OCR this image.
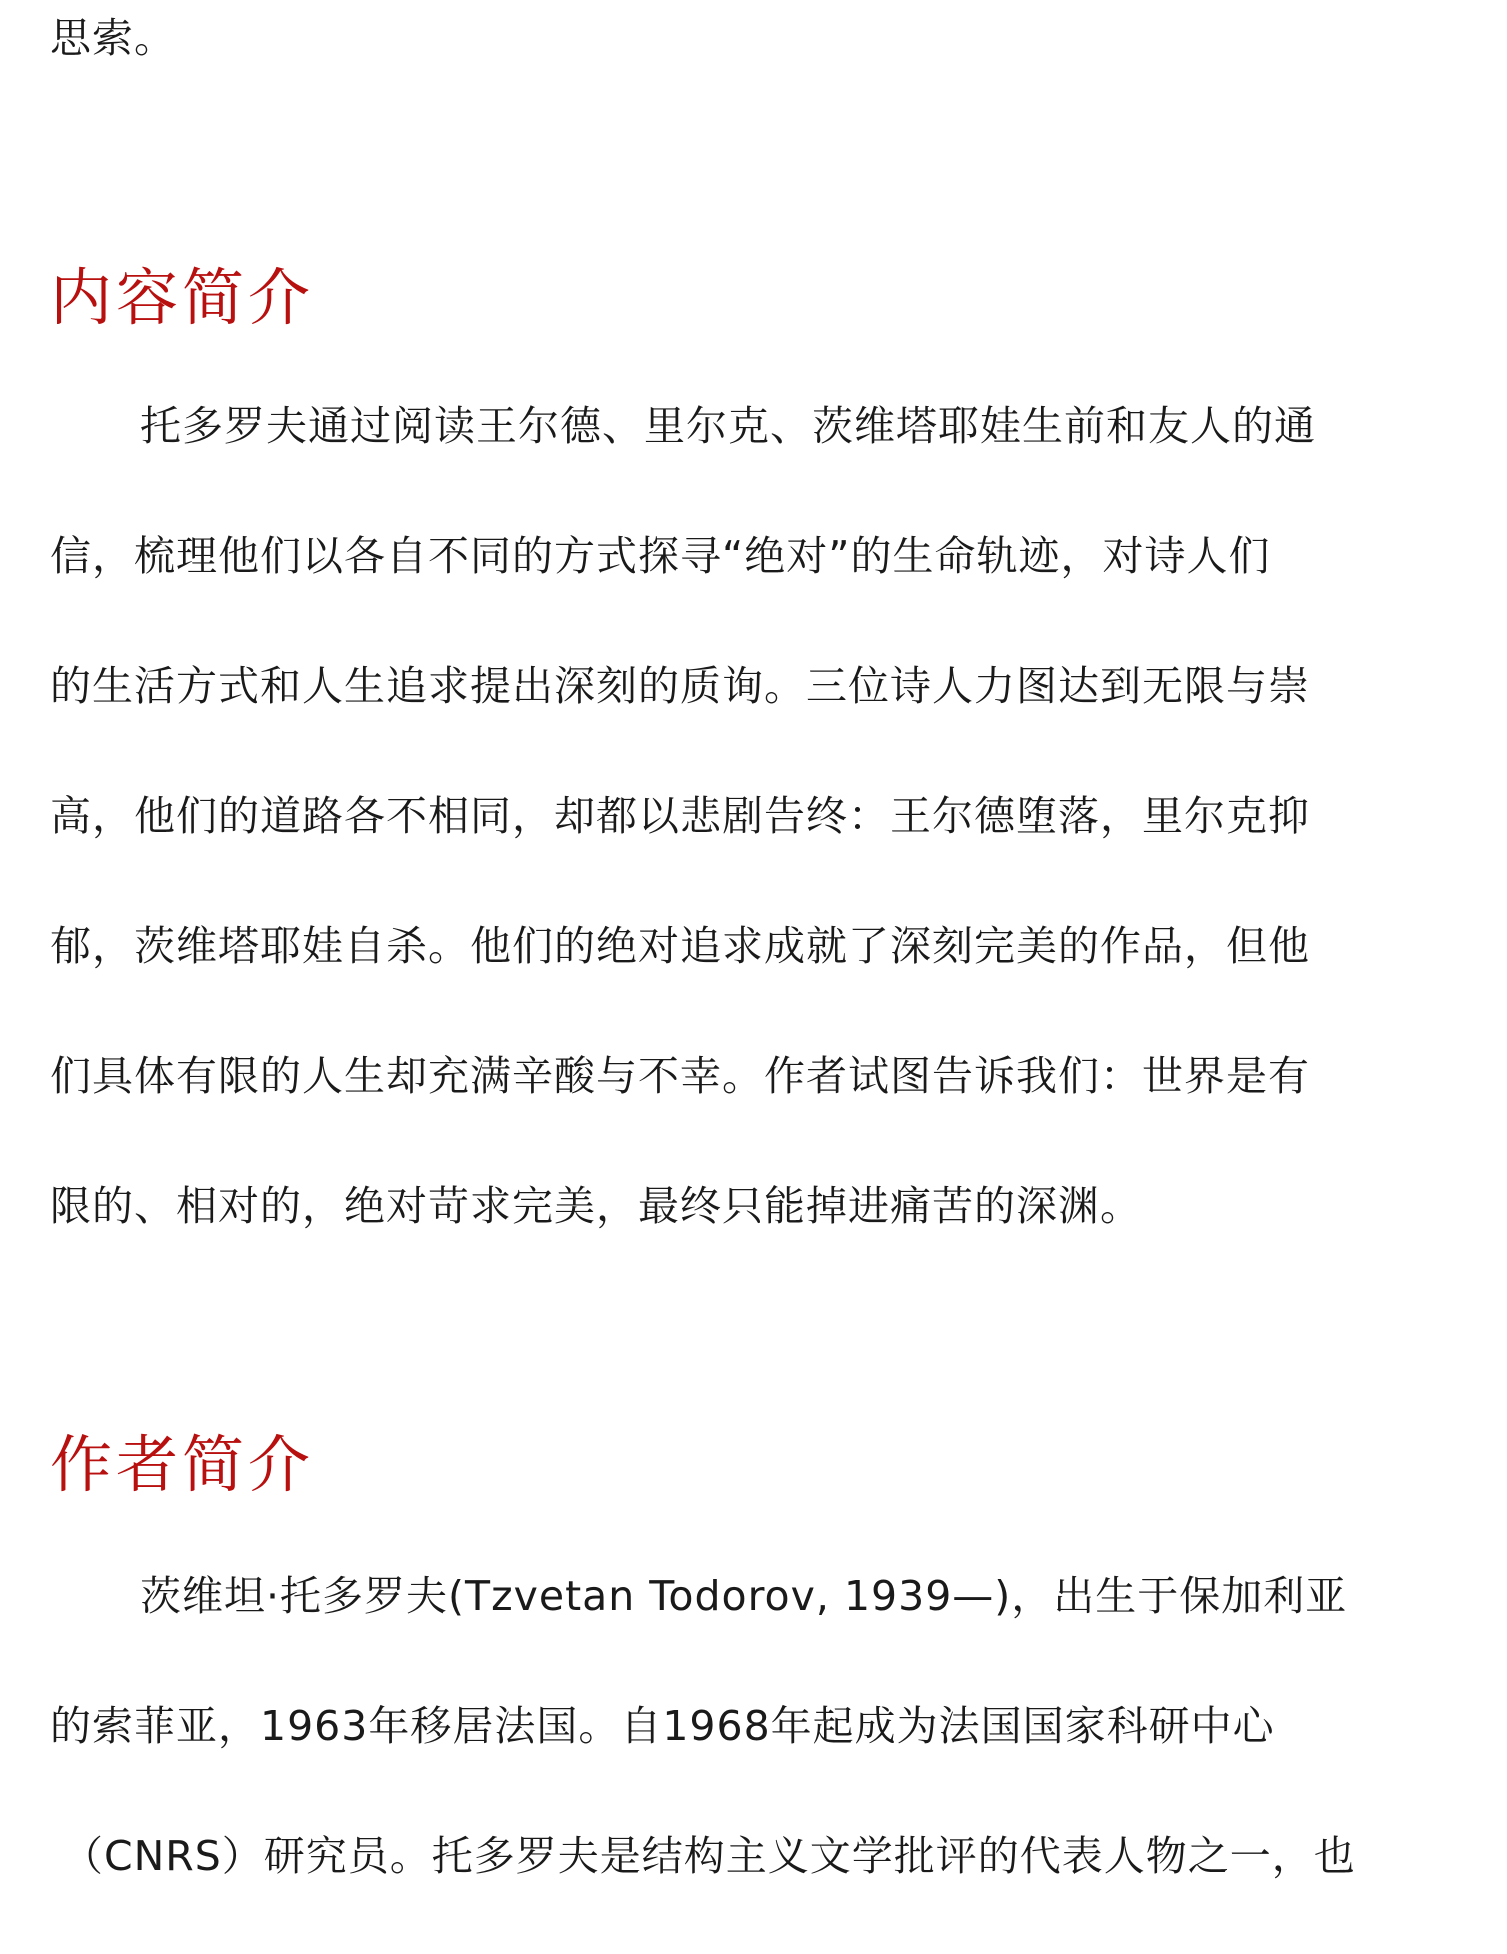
思索。

内容简介

托多罗夫通过阅读王尔德、里尔克、茨维塔耶娃生前和友人的通

信，梳理他们以各自不同的方式探寻“绝对”的生命轨迹，对诗人们

的生活方式和人生追求提出深刻的质询。三位诗人力图达到无限与崇

高，他们的道路各不相同，却都以悲剧告终：王尔德堕落，里尔克抑

郁，茨维塔耶娃自杀。他们的绝对追求成就了深刻完美的作品，但他

们具体有限的人生却充满辛酸与不幸。作者试图告诉我们：世界是有

限的、相对的，绝对苛求完美，最终只能掉进痛苦的深渊。

作者简介

茨维坦·托多罗夫(Tzvetan Todorov, 1939—)，出生于保加利亚

的索菲亚，1963年移居法国。自1968年起成为法国国家科研中心

（CNRS）研究员。托多罗夫是结构主义文学批评的代表人物之一，也
